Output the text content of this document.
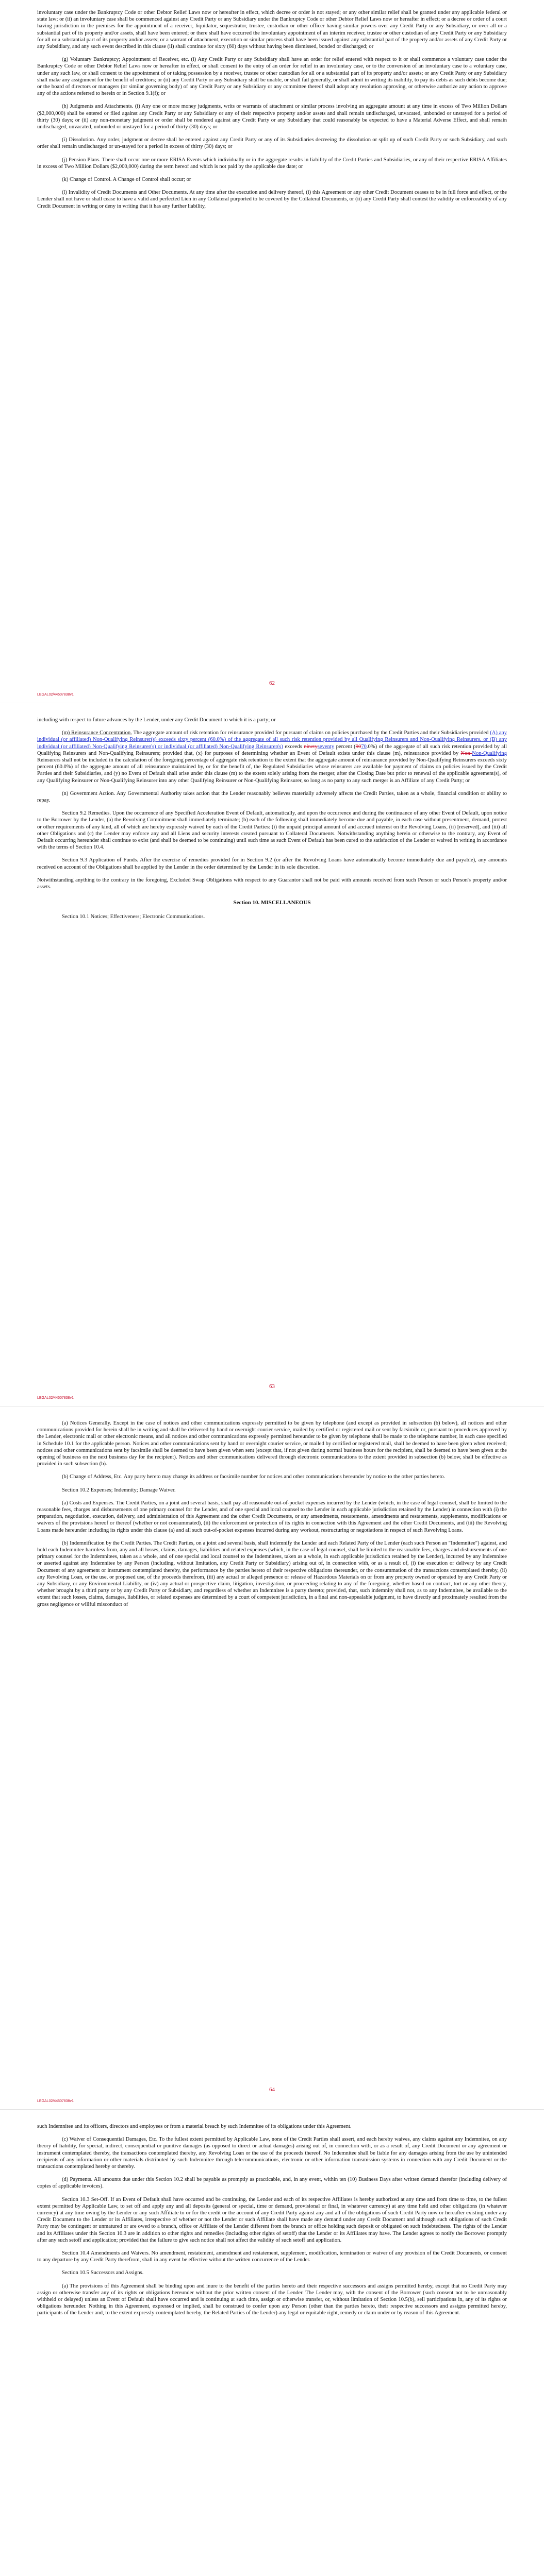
involuntary case under the Bankruptcy Code or other Debtor Relief Laws now or hereafter in effect, which decree or order is not stayed; or any other similar relief shall be granted under any applicable federal or state law; or (ii) an involuntary case shall be commenced against any Credit Party or any Subsidiary under the Bankruptcy Code or other Debtor Relief Laws now or hereafter in effect; or a decree or order of a court having jurisdiction in the premises for the appointment of a receiver, liquidator, sequestrator, trustee, custodian or other officer having similar powers over any Credit Party or any Subsidiary, or over all or a substantial part of its property and/or assets, shall have been entered; or there shall have occurred the involuntary appointment of an interim receiver, trustee or other custodian of any Credit Party or any Subsidiary for all or a substantial part of its property and/or assets; or a warrant of attachment, execution or similar process shall have been issued against any substantial part of the property and/or assets of any Credit Party or any Subsidiary, and any such event described in this clause (ii) shall continue for sixty (60) days without having been dismissed, bonded or discharged; or

(g) Voluntary Bankruptcy; Appointment of Receiver, etc. (i) Any Credit Party or any Subsidiary shall have an order for relief entered with respect to it or shall commence a voluntary case under the Bankruptcy Code or other Debtor Relief Laws now or hereafter in effect, or shall consent to the entry of an order for relief in an involuntary case, or to the conversion of an involuntary case to a voluntary case, under any such law, or shall consent to the appointment of or taking possession by a receiver, trustee or other custodian for all or a substantial part of its property and/or assets; or any Credit Party or any Subsidiary shall make any assignment for the benefit of creditors; or (ii) any Credit Party or any Subsidiary shall be unable, or shall fail generally, or shall admit in writing its inability, to pay its debts as such debts become due; or the board of directors or managers (or similar governing body) of any Credit Party or any Subsidiary or any committee thereof shall adopt any resolution approving, or otherwise authorize any action to approve any of the actions referred to herein or in Section 9.1(f); or

(h) Judgments and Attachments. (i) Any one or more money judgments, writs or warrants of attachment or similar process involving an aggregate amount at any time in excess of Two Million Dollars ($2,000,000) shall be entered or filed against any Credit Party or any Subsidiary or any of their respective property and/or assets and shall remain undischarged, unvacated, unbonded or unstayed for a period of thirty (30) days; or (ii) any non-monetary judgment or order shall be rendered against any Credit Party or any Subsidiary that could reasonably be expected to have a Material Adverse Effect, and shall remain undischarged, unvacated, unbonded or unstayed for a period of thirty (30) days; or

(i) Dissolution. Any order, judgment or decree shall be entered against any Credit Party or any of its Subsidiaries decreeing the dissolution or split up of such Credit Party or such Subsidiary, and such order shall remain undischarged or un-stayed for a period in excess of thirty (30) days; or

(j) Pension Plans. There shall occur one or more ERISA Events which individually or in the aggregate results in liability of the Credit Parties and Subsidiaries, or any of their respective ERISA Affiliates in excess of Two Million Dollars ($2,000,000) during the term hereof and which is not paid by the applicable due date; or

(k) Change of Control. A Change of Control shall occur; or

(l) Invalidity of Credit Documents and Other Documents. At any time after the execution and delivery thereof, (i) this Agreement or any other Credit Document ceases to be in full force and effect, or the Lender shall not have or shall cease to have a valid and perfected Lien in any Collateral purported to be covered by the Collateral Documents, or (ii) any Credit Party shall contest the validity or enforceability of any Credit Document in writing or deny in writing that it has any further liability,

62
LEGAL02/44507838v1

including with respect to future advances by the Lender, under any Credit Document to which it is a party; or

(m) Reinsurance Concentration. The aggregate amount of risk retention for reinsurance provided for pursuant of claims on policies purchased by the Credit Parties and their Subsidiaries provided (A) any individual (or affiliated) Non-Qualifying Reinsurer(s) exceeds sixty percent (60.0%) of the aggregate of all such risk retention provided by all Qualifying Reinsurers and Non-Qualifying Reinsurers, or (B) any individual (or affiliated) Non-Qualifying Reinsurer(s) or individual (or affiliated) Non-Qualifying Reinsurer(s) exceeds ninetyseventy percent (9070.0%) of the aggregate of all such risk retention provided by all Qualifying Reinsurers and Non-Qualifying Reinsurers; provided that, (x) for purposes of determining whether an Event of Default exists under this clause (m), reinsurance provided by Non-Non-Qualifying Reinsurers shall not be included in the calculation of the foregoing percentage of aggregate risk retention to the extent that the aggregate amount of reinsurance provided by Non-Qualifying Reinsurers exceeds sixty percent (60.0%) of the aggregate amount of all reinsurance maintained by, or for the benefit of, the Regulated Subsidiaries whose reinsurers are available for payment of claims on policies issued by the Credit Parties and their Subsidiaries, and (y) no Event of Default shall arise under this clause (m) to the extent solely arising from the merger, after the Closing Date but prior to renewal of the applicable agreement(s), of any Qualifying Reinsurer or Non-Qualifying Reinsurer into any other Qualifying Reinsurer or Non-Qualifying Reinsurer, so long as no party to any such merger is an Affiliate of any Credit Party; or

(n) Government Action. Any Governmental Authority takes action that the Lender reasonably believes materially adversely affects the Credit Parties, taken as a whole, financial condition or ability to repay.

Section 9.2 Remedies. Upon the occurrence of any Specified Acceleration Event of Default, automatically, and upon the occurrence and during the continuance of any other Event of Default, upon notice to the Borrower by the Lender, (a) the Revolving Commitment shall immediately terminate; (b) each of the following shall immediately become due and payable, in each case without presentment, demand, protest or other requirements of any kind, all of which are hereby expressly waived by each of the Credit Parties: (i) the unpaid principal amount of and accrued interest on the Revolving Loans, (ii) [reserved], and (iii) all other Obligations and (c) the Lender may enforce any and all Liens and security interests created pursuant to Collateral Documents. Notwithstanding anything herein or otherwise to the contrary, any Event of Default occurring hereunder shall continue to exist (and shall be deemed to be continuing) until such time as such Event of Default has been cured to the satisfaction of the Lender or waived in writing in accordance with the terms of Section 10.4.

Section 9.3 Application of Funds. After the exercise of remedies provided for in Section 9.2 (or after the Revolving Loans have automatically become immediately due and payable), any amounts received on account of the Obligations shall be applied by the Lender in the order determined by the Lender in its sole discretion.

Notwithstanding anything to the contrary in the foregoing, Excluded Swap Obligations with respect to any Guarantor shall not be paid with amounts received from such Person or such Person's property and/or assets.

Section 10. MISCELLANEOUS

Section 10.1 Notices; Effectiveness; Electronic Communications.

63
LEGAL02/44507838v1

(a) Notices Generally. Except in the case of notices and other communications expressly permitted to be given by telephone (and except as provided in subsection (b) below), all notices and other communications provided for herein shall be in writing and shall be delivered by hand or overnight courier service, mailed by certified or registered mail or sent by facsimile or, pursuant to procedures approved by the Lender, electronic mail or other electronic means, and all notices and other communications expressly permitted hereunder to be given by telephone shall be made to the telephone number, in each case specified in Schedule 10.1 for the applicable person. Notices and other communications sent by hand or overnight courier service, or mailed by certified or registered mail, shall be deemed to have been given when received; notices and other communications sent by facsimile shall be deemed to have been given when sent (except that, if not given during normal business hours for the recipient, shall be deemed to have been given at the opening of business on the next business day for the recipient). Notices and other communications delivered through electronic communications to the extent provided in subsection (b) below, shall be effective as provided in such subsection (b).

(b) Change of Address, Etc. Any party hereto may change its address or facsimile number for notices and other communications hereunder by notice to the other parties hereto.

Section 10.2 Expenses; Indemnity; Damage Waiver.

(a) Costs and Expenses. The Credit Parties, on a joint and several basis, shall pay all reasonable out-of-pocket expenses incurred by the Lender (which, in the case of legal counsel, shall be limited to the reasonable fees, charges and disbursements of one primary counsel for the Lender, and of one special and local counsel to the Lender in each applicable jurisdiction retained by the Lender) in connection with (i) the preparation, negotiation, execution, delivery, and administration of this Agreement and the other Credit Documents, or any amendments, restatements, amendments and restatements, supplements, modifications or waivers of the provisions hereof or thereof (whether or not consummated), (ii) the enforcement or protection of its rights in connection with this Agreement and the other Credit Documents, and (iii) the Revolving Loans made hereunder including its rights under this clause (a) and all such out-of-pocket expenses incurred during any workout, restructuring or negotiations in respect of such Revolving Loans.

(b) Indemnification by the Credit Parties. The Credit Parties, on a joint and several basis, shall indemnify the Lender and each Related Party of the Lender (each such Person an "Indemnitee") against, and hold each Indemnitee harmless from, any and all losses, claims, damages, liabilities and related expenses (which, in the case of legal counsel, shall be limited to the reasonable fees, charges and disbursements of one primary counsel for the Indemnitees, taken as a whole, and of one special and local counsel to the Indemnitees, taken as a whole, in each applicable jurisdiction retained by the Lender), incurred by any Indemnitee or asserted against any Indemnitee by any Person (including, without limitation, any Credit Party or Subsidiary) arising out of, in connection with, or as a result of, (i) the execution or delivery by any Credit Document of any agreement or instrument contemplated thereby, the performance by the parties hereto of their respective obligations thereunder, or the consummation of the transactions contemplated thereby, (ii) any Revolving Loan, or the use, or proposed use, of the proceeds therefrom, (iii) any actual or alleged presence or release of Hazardous Materials on or from any property owned or operated by any Credit Party or any Subsidiary, or any Environmental Liability, or (iv) any actual or prospective claim, litigation, investigation, or proceeding relating to any of the foregoing, whether based on contract, tort or any other theory, whether brought by a third party or by any Credit Party or Subsidiary, and regardless of whether an Indemnitee is a party thereto; provided, that, such indemnity shall not, as to any Indemnitee, be available to the extent that such losses, claims, damages, liabilities, or related expenses are determined by a court of competent jurisdiction, in a final and non-appealable judgment, to have directly and proximately resulted from the gross negligence or willful misconduct of

64
LEGAL02/44507838v1

such Indemnitee and its officers, directors and employees or from a material breach by such Indemnitee of its obligations under this Agreement.

(c) Waiver of Consequential Damages, Etc. To the fullest extent permitted by Applicable Law, none of the Credit Parties shall assert, and each hereby waives, any claims against any Indemnitee, on any theory of liability, for special, indirect, consequential or punitive damages (as opposed to direct or actual damages) arising out of, in connection with, or as a result of, any Credit Document or any agreement or instrument contemplated thereby, the transactions contemplated thereby, any Revolving Loan or the use of the proceeds thereof. No Indemnitee shall be liable for any damages arising from the use by unintended recipients of any information or other materials distributed by such Indemnitee through telecommunications, electronic or other information transmission systems in connection with any Credit Document or the transactions contemplated hereby or thereby.

(d) Payments. All amounts due under this Section 10.2 shall be payable as promptly as practicable, and, in any event, within ten (10) Business Days after written demand therefor (including delivery of copies of applicable invoices).

Section 10.3 Set-Off. If an Event of Default shall have occurred and be continuing, the Lender and each of its respective Affiliates is hereby authorized at any time and from time to time, to the fullest extent permitted by Applicable Law, to set off and apply any and all deposits (general or special, time or demand, provisional or final, in whatever currency) at any time held and other obligations (in whatever currency) at any time owing by the Lender or any such Affiliate to or for the credit or the account of any Credit Party against any and all of the obligations of such Credit Party now or hereafter existing under any Credit Document to the Lender or its Affiliates, irrespective of whether or not the Lender or such Affiliate shall have made any demand under any Credit Document and although such obligations of such Credit Party may be contingent or unmatured or are owed to a branch, office or Affiliate of the Lender different from the branch or office holding such deposit or obligated on such indebtedness. The rights of the Lender and its Affiliates under this Section 10.3 are in addition to other rights and remedies (including other rights of setoff) that the Lender or its Affiliates may have. The Lender agrees to notify the Borrower promptly after any such setoff and application; provided that the failure to give such notice shall not affect the validity of such setoff and application.

Section 10.4 Amendments and Waivers. No amendment, restatement, amendment and restatement, supplement, modification, termination or waiver of any provision of the Credit Documents, or consent to any departure by any Credit Party therefrom, shall in any event be effective without the written concurrence of the Lender.

Section 10.5 Successors and Assigns.

(a) The provisions of this Agreement shall be binding upon and inure to the benefit of the parties hereto and their respective successors and assigns permitted hereby, except that no Credit Party may assign or otherwise transfer any of its rights or obligations hereunder without the prior written consent of the Lender. The Lender may, with the consent of the Borrower (such consent not to be unreasonably withheld or delayed) unless an Event of Default shall have occurred and is continuing at such time, assign or otherwise transfer, or, without limitation of Section 10.5(b), sell participations in, any of its rights or obligations hereunder. Nothing in this Agreement, expressed or implied, shall be construed to confer upon any Person (other than the parties hereto, their respective successors and assigns permitted hereby, participants of the Lender and, to the extent expressly contemplated hereby, the Related Parties of the Lender) any legal or equitable right, remedy or claim under or by reason of this Agreement.
